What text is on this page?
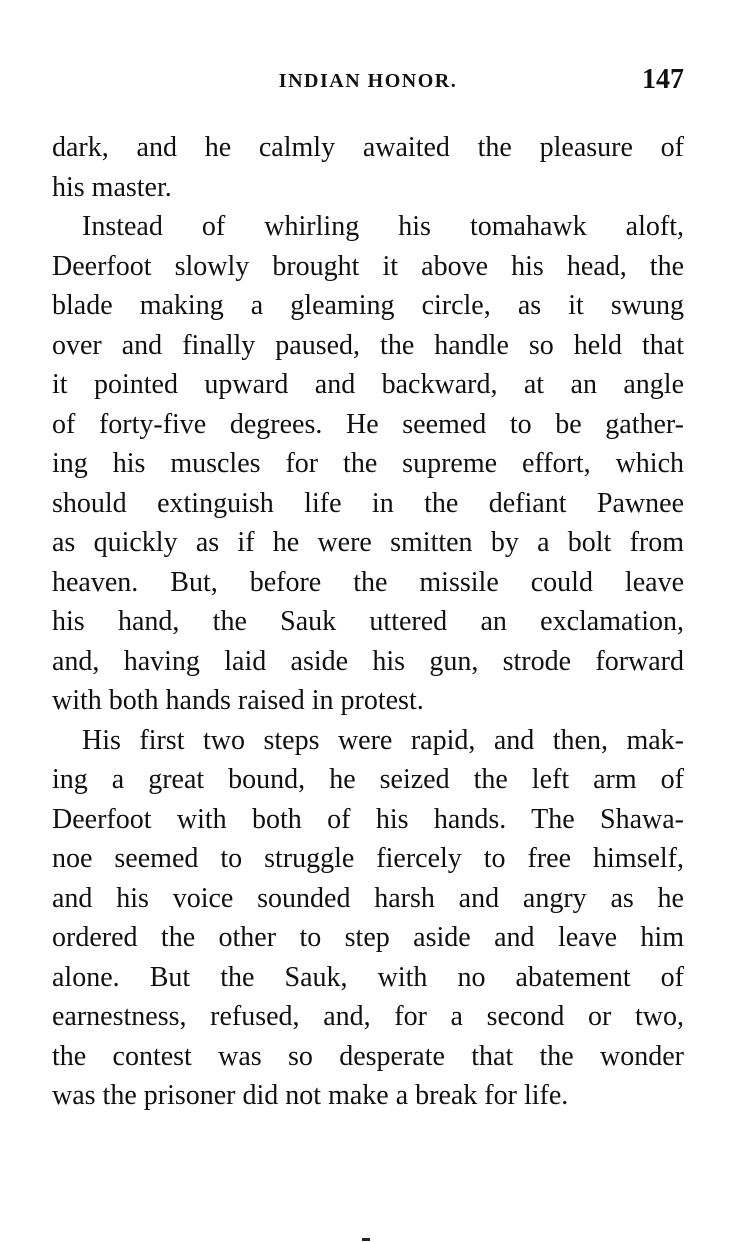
INDIAN HONOR.	147
dark, and he calmly awaited the pleasure of
his master.
Instead of whirling his tomahawk aloft,
Deerfoot slowly brought it above his head, the
blade making a gleaming circle, as it swung
over and finally paused, the handle so held that
it pointed upward and backward, at an angle
of forty-five degrees. He seemed to be gather-
ing his muscles for the supreme effort, which
should extinguish life in the defiant Pawnee
as quickly as if he were smitten by a bolt from
heaven. But, before the missile could leave
his hand, the Sauk uttered an exclamation,
and, having laid aside his gun, strode forward
with both hands raised in protest.
His first two steps were rapid, and then, mak-
ing a great bound, he seized the left arm of
Deerfoot with both of his hands. The Shawa-
noe seemed to struggle fiercely to free himself,
and his voice sounded harsh and angry as he
ordered the other to step aside and leave him
alone. But the Sauk, with no abatement of
earnestness, refused, and, for a second or two,
the contest was so desperate that the wonder
was the prisoner did not make a break for life.
